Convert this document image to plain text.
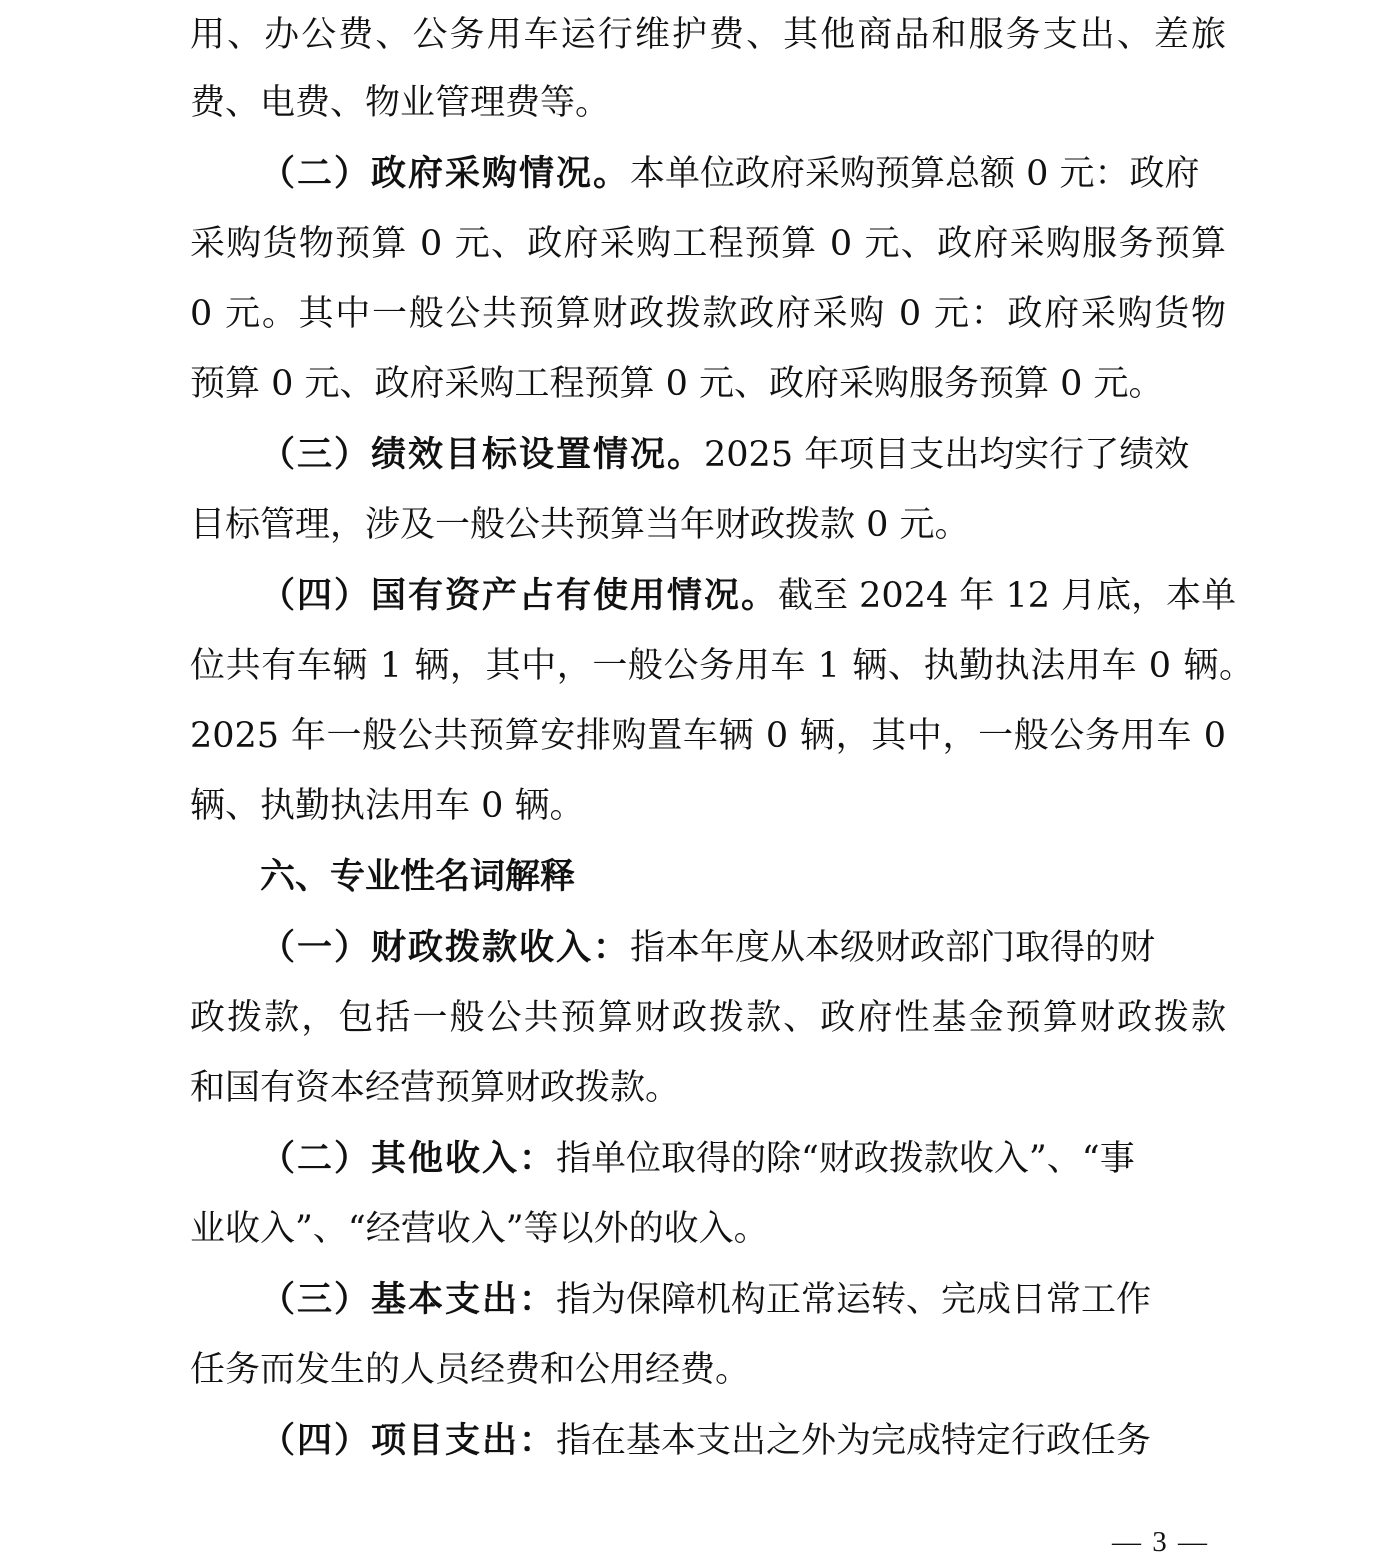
用、办公费、公务用车运行维护费、其他商品和服务支出、差旅
费、电费、物业管理费等。
（二）政府采购情况。本单位政府采购预算总额 0 元：政府
采购货物预算 0 元、政府采购工程预算 0 元、政府采购服务预算
0 元。其中一般公共预算财政拨款政府采购 0 元：政府采购货物
预算 0 元、政府采购工程预算 0 元、政府采购服务预算 0 元。
（三）绩效目标设置情况。2025 年项目支出均实行了绩效
目标管理，涉及一般公共预算当年财政拨款 0 元。
（四）国有资产占有使用情况。截至 2024 年 12 月底，本单
位共有车辆 1 辆，其中，一般公务用车 1 辆、执勤执法用车 0 辆。
2025 年一般公共预算安排购置车辆 0 辆，其中，一般公务用车 0
辆、执勤执法用车 0 辆。
六、专业性名词解释
（一）财政拨款收入：指本年度从本级财政部门取得的财
政拨款，包括一般公共预算财政拨款、政府性基金预算财政拨款
和国有资本经营预算财政拨款。
（二）其他收入：指单位取得的除“财政拨款收入”、“事
业收入”、“经营收入”等以外的收入。
（三）基本支出：指为保障机构正常运转、完成日常工作
任务而发生的人员经费和公用经费。
（四）项目支出：指在基本支出之外为完成特定行政任务
— 3 —
